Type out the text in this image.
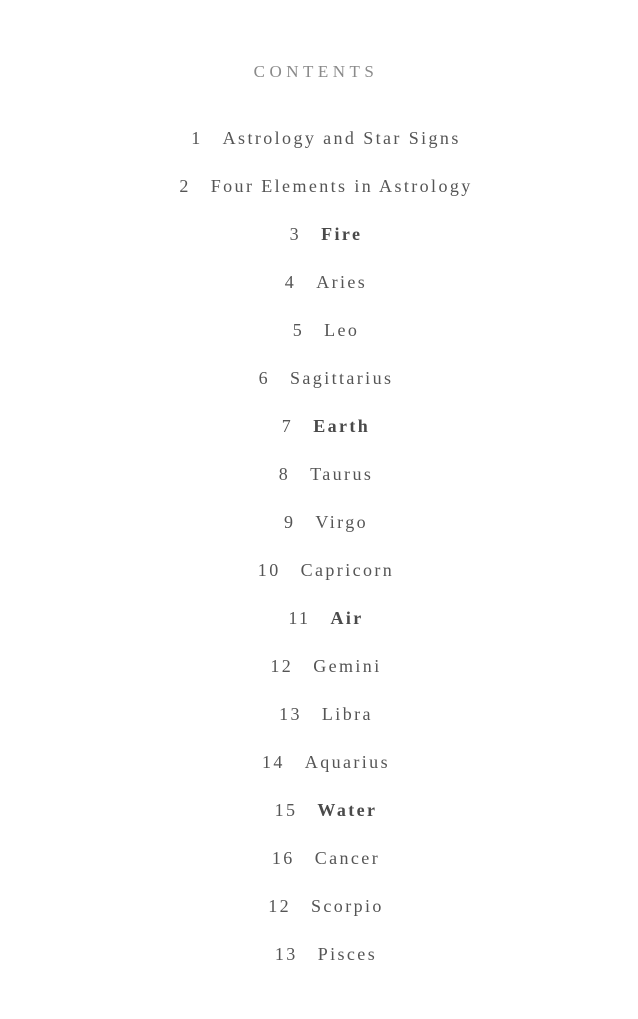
CONTENTS
1 Astrology and Star Signs
2 Four Elements in Astrology
3 Fire
4 Aries
5 Leo
6 Sagittarius
7 Earth
8 Taurus
9 Virgo
10 Capricorn
11 Air
12 Gemini
13 Libra
14 Aquarius
15 Water
16 Cancer
12 Scorpio
13 Pisces
